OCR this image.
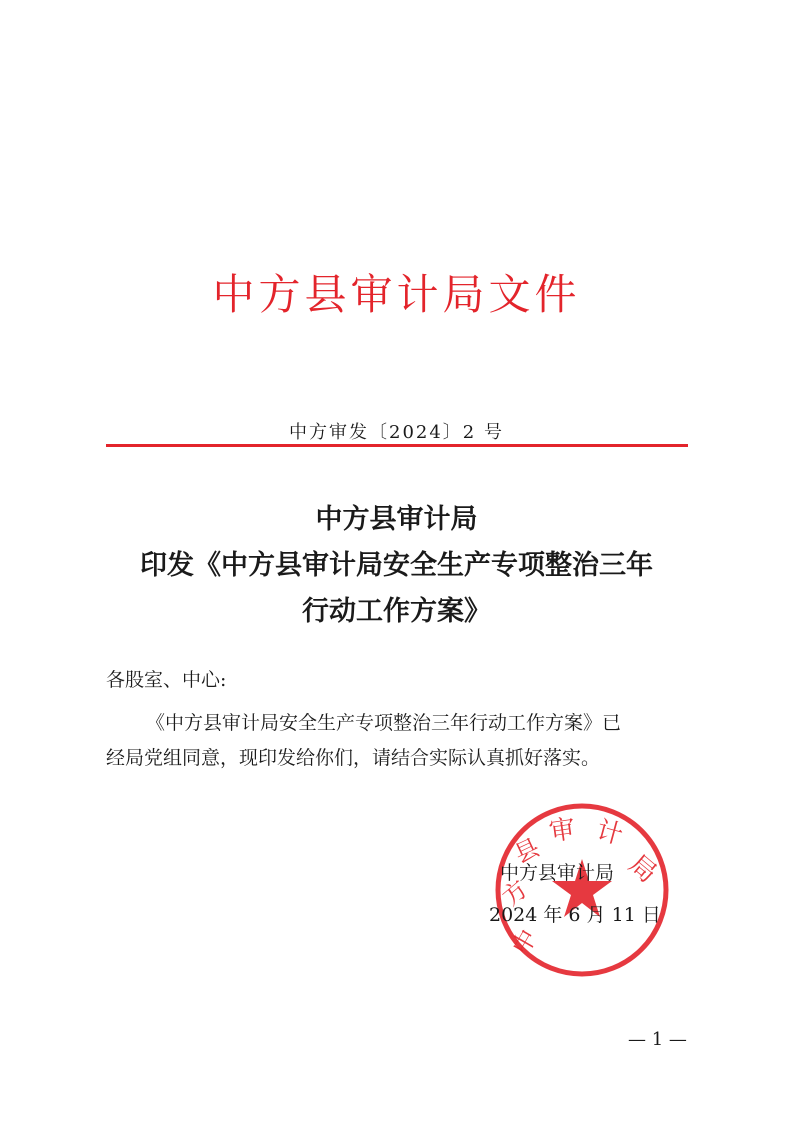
中方县审计局文件
中方审发〔2024〕2 号
中方县审计局
印发《中方县审计局安全生产专项整治三年
行动工作方案》
各股室、中心:
《中方县审计局安全生产专项整治三年行动工作方案》已
经局党组同意，现印发给你们，请结合实际认真抓好落实。
中
方
县
审 计
局
中方县审计局
2024 年 6 月 11 日
— 1 —
